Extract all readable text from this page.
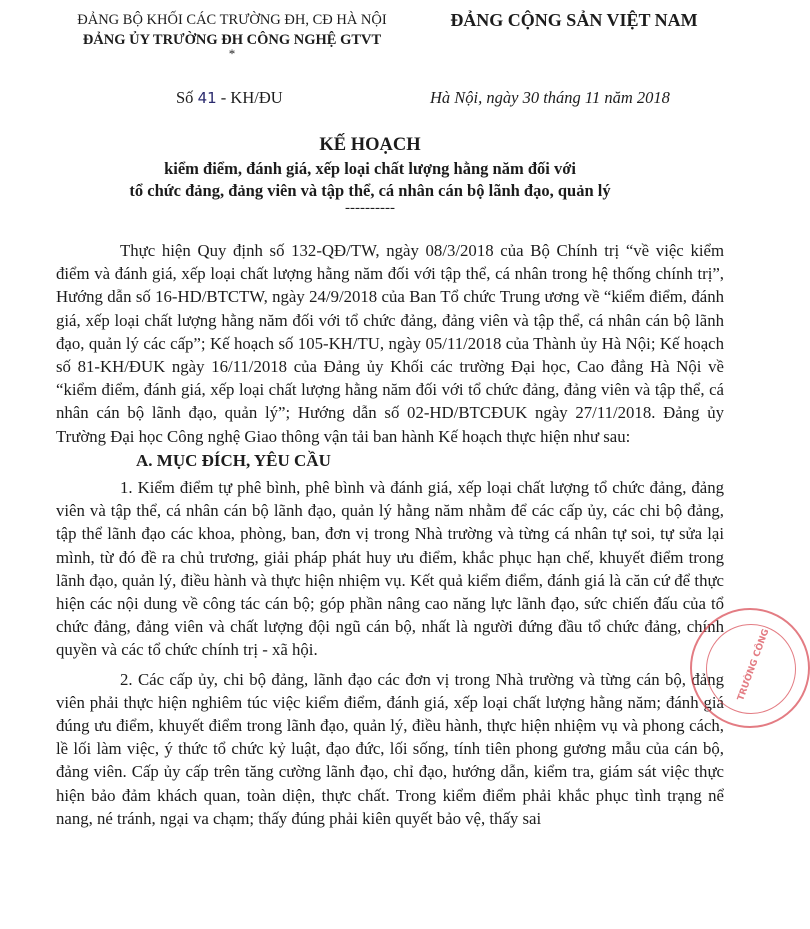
ĐẢNG BỘ KHỐI CÁC TRƯỜNG ĐH, CĐ HÀ NỘI
ĐẢNG ỦY TRƯỜNG ĐH CÔNG NGHỆ GTVT
*
ĐẢNG CỘNG SẢN VIỆT NAM
Số 41 - KH/ĐU	Hà Nội, ngày 30 tháng 11 năm 2018
KẾ HOẠCH
kiểm điểm, đánh giá, xếp loại chất lượng hằng năm đối với
tổ chức đảng, đảng viên và tập thể, cá nhân cán bộ lãnh đạo, quản lý
----------

Thực hiện Quy định số 132-QĐ/TW, ngày 08/3/2018 của Bộ Chính trị “về việc kiểm điểm và đánh giá, xếp loại chất lượng hằng năm đối với tập thể, cá nhân trong hệ thống chính trị”, Hướng dẫn số 16-HD/BTCTW, ngày 24/9/2018 của Ban Tổ chức Trung ương về “kiểm điểm, đánh giá, xếp loại chất lượng hằng năm đối với tổ chức đảng, đảng viên và tập thể, cá nhân cán bộ lãnh đạo, quản lý các cấp”; Kế hoạch số 105-KH/TU, ngày 05/11/2018 của Thành ủy Hà Nội; Kế hoạch số 81-KH/ĐUK ngày 16/11/2018 của Đảng ủy Khối các trường Đại học, Cao đẳng Hà Nội về “kiểm điểm, đánh giá, xếp loại chất lượng hằng năm đối với tổ chức đảng, đảng viên và tập thể, cá nhân cán bộ lãnh đạo, quản lý”; Hướng dẫn số 02-HD/BTCĐUK ngày 27/11/2018. Đảng ủy Trường Đại học Công nghệ Giao thông vận tải ban hành Kế hoạch thực hiện như sau:

A. MỤC ĐÍCH, YÊU CẦU

1. Kiểm điểm tự phê bình, phê bình và đánh giá, xếp loại chất lượng tổ chức đảng, đảng viên và tập thể, cá nhân cán bộ lãnh đạo, quản lý hằng năm nhằm để các cấp ủy, các chi bộ đảng, tập thể lãnh đạo các khoa, phòng, ban, đơn vị trong Nhà trường và từng cá nhân tự soi, tự sửa lại mình, từ đó đề ra chủ trương, giải pháp phát huy ưu điểm, khắc phục hạn chế, khuyết điểm trong lãnh đạo, quản lý, điều hành và thực hiện nhiệm vụ. Kết quả kiểm điểm, đánh giá là căn cứ để thực hiện các nội dung về công tác cán bộ; góp phần nâng cao năng lực lãnh đạo, sức chiến đấu của tổ chức đảng, đảng viên và chất lượng đội ngũ cán bộ, nhất là người đứng đầu tổ chức đảng, chính quyền và các tổ chức chính trị - xã hội.

2. Các cấp ủy, chi bộ đảng, lãnh đạo các đơn vị trong Nhà trường và từng cán bộ, đảng viên phải thực hiện nghiêm túc việc kiểm điểm, đánh giá, xếp loại chất lượng hằng năm; đánh giá đúng ưu điểm, khuyết điểm trong lãnh đạo, quản lý, điều hành, thực hiện nhiệm vụ và phong cách, lề lối làm việc, ý thức tổ chức kỷ luật, đạo đức, lối sống, tính tiên phong gương mẫu của cán bộ, đảng viên. Cấp ủy cấp trên tăng cường lãnh đạo, chỉ đạo, hướng dẫn, kiểm tra, giám sát việc thực hiện bảo đảm khách quan, toàn diện, thực chất. Trong kiểm điểm phải khắc phục tình trạng nể nang, né tránh, ngại va chạm; thấy đúng phải kiên quyết bảo vệ, thấy sai

TRƯỜNG CÔNG
